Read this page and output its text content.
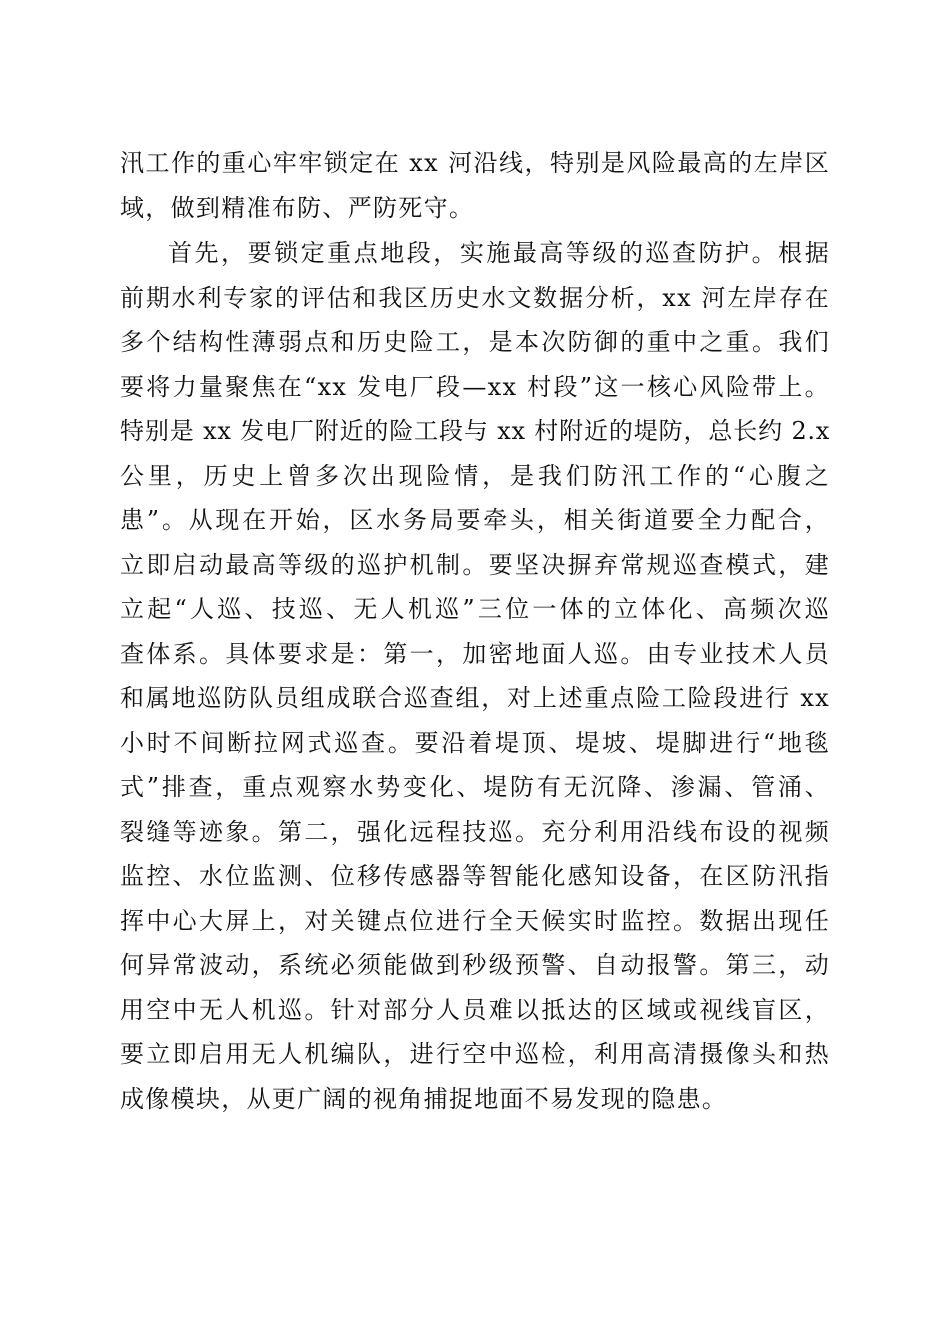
汛工作的重心牢牢锁定在 xx 河沿线，特别是风险最高的左岸区
域，做到精准布防、严防死守。
首先，要锁定重点地段，实施最高等级的巡查防护。根据
前期水利专家的评估和我区历史水文数据分析，xx 河左岸存在
多个结构性薄弱点和历史险工，是本次防御的重中之重。我们
要将力量聚焦在“xx 发电厂段—xx 村段”这一核心风险带上。
特别是 xx 发电厂附近的险工段与 xx 村附近的堤防，总长约 2.x
公里，历史上曾多次出现险情，是我们防汛工作的“心腹之
患”。从现在开始，区水务局要牵头，相关街道要全力配合，
立即启动最高等级的巡护机制。要坚决摒弃常规巡查模式，建
立起“人巡、技巡、无人机巡”三位一体的立体化、高频次巡
查体系。具体要求是：第一，加密地面人巡。由专业技术人员
和属地巡防队员组成联合巡查组，对上述重点险工险段进行 xx
小时不间断拉网式巡查。要沿着堤顶、堤坡、堤脚进行“地毯
式”排查，重点观察水势变化、堤防有无沉降、渗漏、管涌、
裂缝等迹象。第二，强化远程技巡。充分利用沿线布设的视频
监控、水位监测、位移传感器等智能化感知设备，在区防汛指
挥中心大屏上，对关键点位进行全天候实时监控。数据出现任
何异常波动，系统必须能做到秒级预警、自动报警。第三，动
用空中无人机巡。针对部分人员难以抵达的区域或视线盲区，
要立即启用无人机编队，进行空中巡检，利用高清摄像头和热
成像模块，从更广阔的视角捕捉地面不易发现的隐患。
